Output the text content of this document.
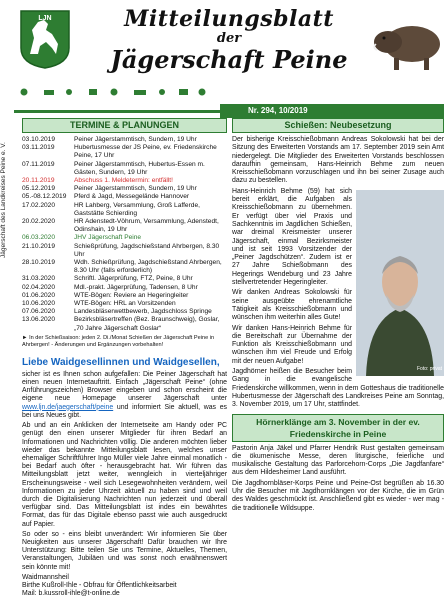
Jägerschaft des Landkreises Peine e. V.
LJN	Mitteilungsblatt
der
Jägerschaft Peine
Nr. 294, 10/2019
TERMINE & PLANUNGEN
03.10.2019	Peiner Jägerstammtisch, Sundern, 19 Uhr
03.11.2019	Hubertusmesse der JS Peine, ev. Friedenskirche Peine, 17 Uhr
07.11.2019	Peiner Jägerstammtisch, Hubertus-Essen m. Gästen, Sundern, 19 Uhr
20.11.2019	Abschuss 1. Meldetermin: entfällt!
05.12.2019	Peiner Jägerstammtisch, Sundern, 19 Uhr
05.-08.12.2019	Pferd & Jagd, Messegelände Hannover
17.02.2020	HR Lahberg, Versammlung, Groß Lafferde, Gaststätte Schierding
20.02.2020	HR Adenstedt-Vöhrum, Versammlung, Adenstedt, Odinshain, 19 Uhr
06.03.2020	JHV Jägerschaft Peine
21.10.2019	Schießprüfung, Jagdschießstand Ahrbergen, 8.30 Uhr
28.10.2019	Wdh. Schießprüfung, Jagdschießstand Ahrbergen, 8.30 Uhr (falls erforderlich)
31.03.2020	Schriftl. Jägerprüfung, FTZ, Peine, 8 Uhr
02.04.2020	Mdl.-prakt. Jägerprüfung, Tadensen, 8 Uhr
01.06.2020	WTE-Bögen: Reviere an Hegeringleiter
10.06.2020	WTE-Bögen: HRL an Vorsitzenden
07.06.2020	Landesbläserwettbewerb, Jagdschloss Springe
13.06.2020	Bezirksbläsertreffen (Bez. Braunschweig), Goslar, „70 Jahre Jägerschaft Goslar“
► In der Schießsaison: jeden 2. Di./Monat Schießen der Jägerschaft Peine in Ahrbergen! - Änderungen und Ergänzungen vorbehalten!
Liebe Waidgesellinnen und Waidgesellen,

sicher ist es Ihnen schon aufgefallen: Die Peiner Jägerschaft hat einen neuen Internetauftritt. Einfach „Jägerschaft Peine“ (ohne Anführungszeichen) Browser eingeben und schon erscheint die eigene neue Homepage unserer Jägerschaft unter www.ljn.de/jaegerschaft/peine und informiert Sie aktuell, was es bei uns Neues gibt.

Ab und an ein Anklicken der Internetseite am Handy oder PC genügt den einen unserer Mitglieder für ihren Bedarf an Informationen und Nachrichten völlig. Die anderen möchten lieber wieder das bekannte Mitteilungsblatt lesen, welches unser ehemaliger Schriftführer Ingo Müller viele Jahre einmal monatlich - bei Bedarf auch öfter - herausgebracht hat. Wir führen das Mitteilungsblatt jetzt weiter, wenngleich in vierteljähriger Erscheinungsweise - weil sich Lesegewohnheiten verändern, weil Informationen zu jeder Uhrzeit aktuell zu haben sind und weil durch die Digitalisierung Nachrichten nun jederzeit und überall verfügbar sind. Das Mitteilungsblatt ist indes ein bewährtes Format, das für das Digitale ebenso passt wie auch ausgedruckt auf Papier.

So oder so - eins bleibt unverändert: Wir informieren Sie über Neuigkeiten aus unserer Jägerschaft! Dafür brauchen wir Ihre Unterstützung: Bitte teilen Sie uns Termine, Aktuelles, Themen, Veranstaltungen, Jubiläen und was sonst noch erwähnenswert sein könnte mit!

Waidmannsheil
Birthe Kußroll-Ihle - Obfrau für Öffentlichkeitsarbeit
Mail: b.kussroll-ihle@t-online.de
Schießen: Neubesetzung

Der bisherige Kreisschießobmann Andreas Sokolowski hat bei der Sitzung des Erweiterten Vorstands am 17. September 2019 sein Amt niedergelegt. Die Mitglieder des Erweiterten Vorstands beschlossen daraufhin gemeinsam, Hans-Heinrich Behme zum neuen Kreisschießobmann vorzuschlagen und ihn bei seiner Zusage auch dazu zu bestellen.

Foto: privat

Hans-Heinrich Behme (59) hat sich bereit erklärt, die Aufgaben als Kreisschießobmann zu übernehmen. Er verfügt über viel Praxis und Sachkenntnis im Jagdlichen Schießen, war dreimal Kreismeister unserer Jägerschaft, einmal Bezirksmeister und ist seit 1993 Vorsitzender der „Peiner Jagdschützen“. Zudem ist er 27 Jahre Schießobmann des Hegerings Wendeburg und 23 Jahre stellvertretender Hegeringleiter.

Wir danken Andreas Sokolowski für seine ausgeübte ehrenamtliche Tätigkeit als Kreisschießobmann und wünschen ihm weiterhin alles Gute!

Wir danken Hans-Heinrich Behme für die Bereitschaft zur Übernahme der Funktion als Kreisschießobmann und wünschen ihm viel Freude und Erfolg mit der neuen Aufgabe!

Jagdhörner heißen die Besucher beim Gang in die evangelische Friedenskirche willkommen, wenn in dem Gotteshaus die traditionelle Hubertusmesse der Jägerschaft des Landkreises Peine am Sonntag, 3. November 2019, um 17 Uhr, stattfindet.

Hörnerklänge am 3. November in der ev.
Friedenskirche in Peine

Pastorin Anja Jäkel und Pfarrer Hendrik Rust gestalten gemeinsam die ökumenische Messe, deren liturgische, feierliche und musikalische Gestaltung das Parforcehorn-Corps „Die Jagdfanfare“ aus dem Hildesheimer Land ausführt.

Die Jagdhornbläser-Korps Peine und Peine-Ost begrüßen ab 16.30 Uhr die Besucher mit Jagdhornklängen vor der Kirche, die im Grün des Waldes geschmückt ist. Anschließend gibt es wieder - wer mag - die traditionelle Wildsuppe.
